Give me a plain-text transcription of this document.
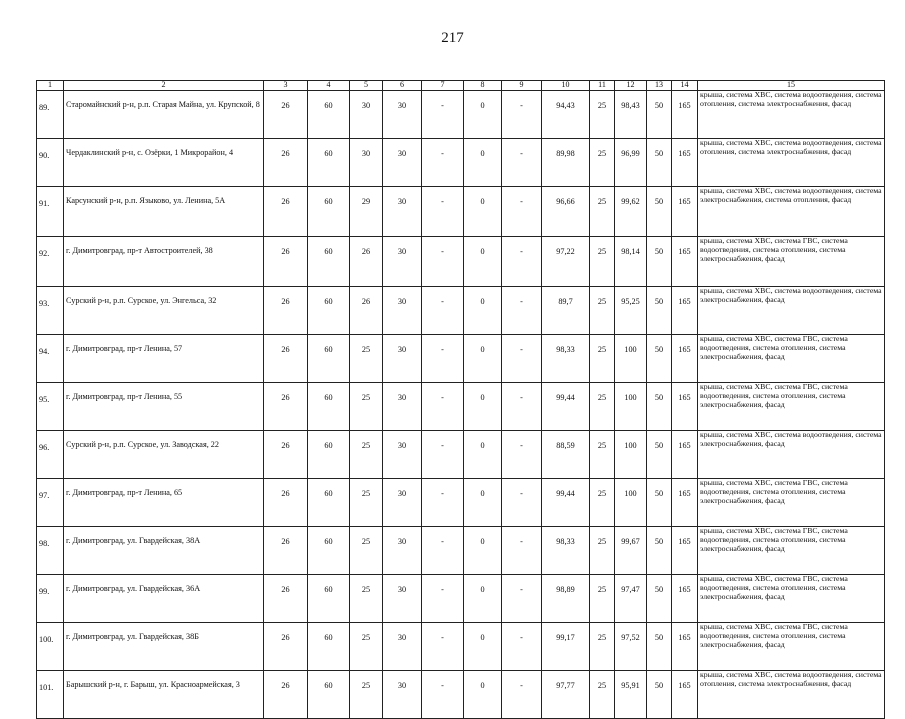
217
1	2	3	4	5	6	7	8	9	10	11	12	13	14	15
89.	Старомайнский р-н, р.п. Старая Майна, ул. Крупской, 8	26	60	30	30	-	0	-	94,43	25	98,43	50	165	крыша, система ХВС, система водоотведения, система отопления, система электроснабжения, фасад
90.	Чердаклинский р-н, с. Озёрки, 1 Микрорайон, 4	26	60	30	30	-	0	-	89,98	25	96,99	50	165	крыша, система ХВС, система водоотведения, система отопления, система электроснабжения, фасад
91.	Карсунский р-н, р.п. Языково, ул. Ленина, 5А	26	60	29	30	-	0	-	96,66	25	99,62	50	165	крыша, система ХВС, система водоотведения, система электроснабжения, система отопления, фасад
92.	г. Димитровград, пр-т Автостроителей, 38	26	60	26	30	-	0	-	97,22	25	98,14	50	165	крыша, система ХВС, система ГВС, система водоотведения, система отопления, система электроснабжения, фасад
93.	Сурский р-н, р.п. Сурское, ул. Энгельса, 32	26	60	26	30	-	0	-	89,7	25	95,25	50	165	крыша, система ХВС, система водоотведения, система электроснабжения, фасад
94.	г. Димитровград, пр-т Ленина, 57	26	60	25	30	-	0	-	98,33	25	100	50	165	крыша, система ХВС, система ГВС, система водоотведения, система отопления, система электроснабжения, фасад
95.	г. Димитровград, пр-т Ленина, 55	26	60	25	30	-	0	-	99,44	25	100	50	165	крыша, система ХВС, система ГВС, система водоотведения, система отопления, система электроснабжения, фасад
96.	Сурский р-н, р.п. Сурское, ул. Заводская, 22	26	60	25	30	-	0	-	88,59	25	100	50	165	крыша, система ХВС, система водоотведения, система электроснабжения, фасад
97.	г. Димитровград, пр-т Ленина, 65	26	60	25	30	-	0	-	99,44	25	100	50	165	крыша, система ХВС, система ГВС, система водоотведения, система отопления, система электроснабжения, фасад
98.	г. Димитровград, ул. Гвардейская, 38А	26	60	25	30	-	0	-	98,33	25	99,67	50	165	крыша, система ХВС, система ГВС, система водоотведения, система отопления, система электроснабжения, фасад
99.	г. Димитровград, ул. Гвардейская, 36А	26	60	25	30	-	0	-	98,89	25	97,47	50	165	крыша, система ХВС, система ГВС, система водоотведения, система отопления, система электроснабжения, фасад
100.	г. Димитровград, ул. Гвардейская, 38Б	26	60	25	30	-	0	-	99,17	25	97,52	50	165	крыша, система ХВС, система ГВС, система водоотведения, система отопления, система электроснабжения, фасад
101.	Барышский р-н, г. Барыш, ул. Красноармейская, 3	26	60	25	30	-	0	-	97,77	25	95,91	50	165	крыша, система ХВС, система водоотведения, система отопления, система электроснабжения, фасад
